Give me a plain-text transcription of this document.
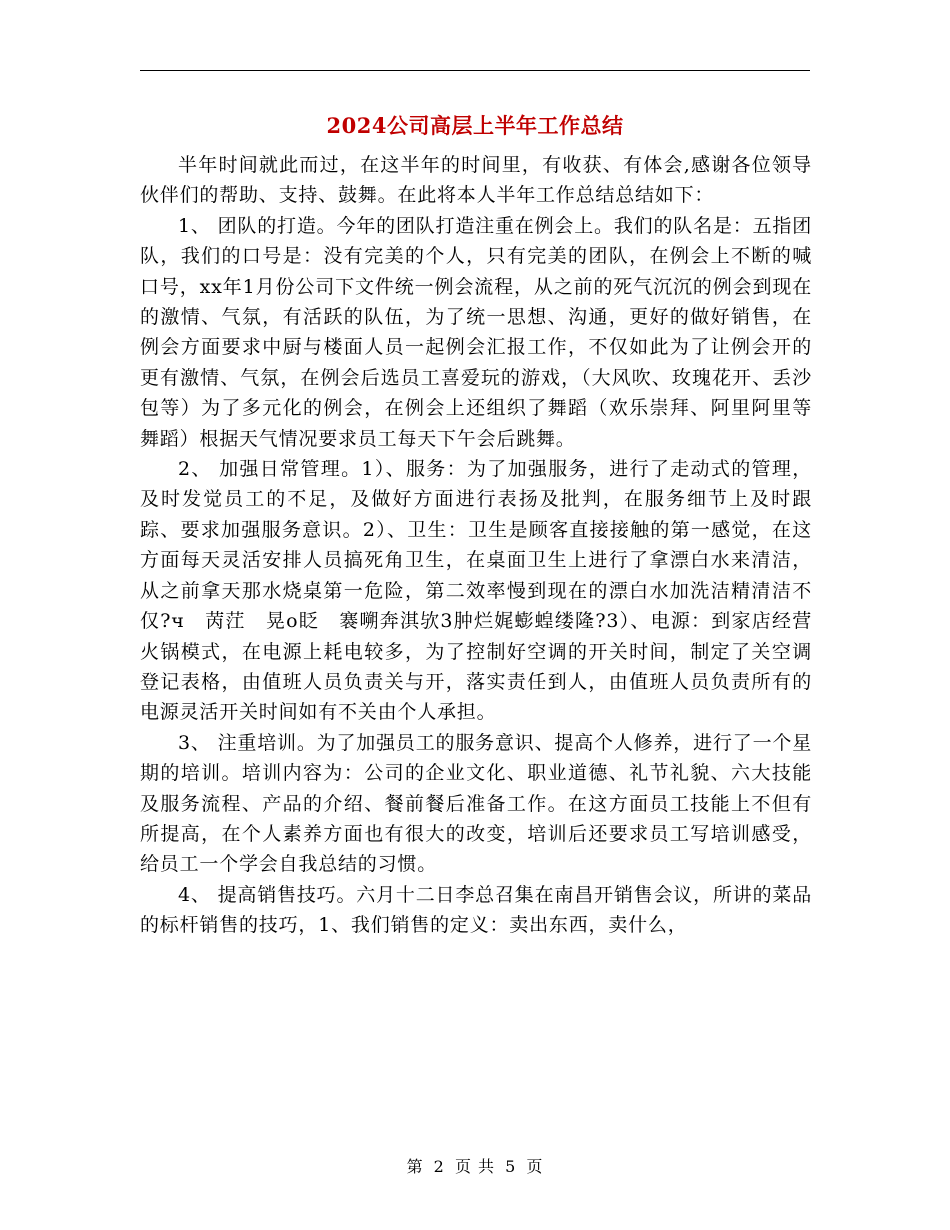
2024公司高层上半年工作总结

半年时间就此而过，在这半年的时间里，有收获、有体会,感谢各位领导伙伴们的帮助、支持、鼓舞。在此将本人半年工作总结总结如下：

1、 团队的打造。今年的团队打造注重在例会上。我们的队名是：五指团队，我们的口号是：没有完美的个人，只有完美的团队，在例会上不断的喊口号，xx年1月份公司下文件统一例会流程，从之前的死气沉沉的例会到现在的激情、气氛，有活跃的队伍，为了统一思想、沟通，更好的做好销售，在例会方面要求中厨与楼面人员一起例会汇报工作，不仅如此为了让例会开的更有激情、气氛，在例会后选员工喜爱玩的游戏，（大风吹、玫瑰花开、丢沙包等）为了多元化的例会，在例会上还组织了舞蹈（欢乐崇拜、阿里阿里等舞蹈）根据天气情况要求员工每天下午会后跳舞。

2、 加强日常管理。1）、服务：为了加强服务，进行了走动式的管理，及时发觉员工的不足，及做好方面进行表扬及批判，在服务细节上及时跟踪、要求加强服务意识。2）、卫生：卫生是顾客直接接触的第一感觉，在这方面每天灵活安排人员搞死角卫生，在桌面卫生上进行了拿漂白水来清洁，从之前拿天那水烧桌第一危险，第二效率慢到现在的漂白水加洗洁精清洁不仅?ч　苪茳　晃ο眨　褰嗍奔淇欤3肿烂娓蟛蝗缕隆?3）、电源：到家店经营火锅模式，在电源上耗电较多，为了控制好空调的开关时间，制定了关空调登记表格，由值班人员负责关与开，落实责任到人，由值班人员负责所有的电源灵活开关时间如有不关由个人承担。

3、 注重培训。为了加强员工的服务意识、提高个人修养，进行了一个星期的培训。培训内容为：公司的企业文化、职业道德、礼节礼貌、六大技能及服务流程、产品的介绍、餐前餐后准备工作。在这方面员工技能上不但有所提高，在个人素养方面也有很大的改变，培训后还要求员工写培训感受，给员工一个学会自我总结的习惯。

4、 提高销售技巧。六月十二日李总召集在南昌开销售会议，所讲的菜品的标杆销售的技巧，1、我们销售的定义：卖出东西，卖什么，

第 2 页 共 5 页
